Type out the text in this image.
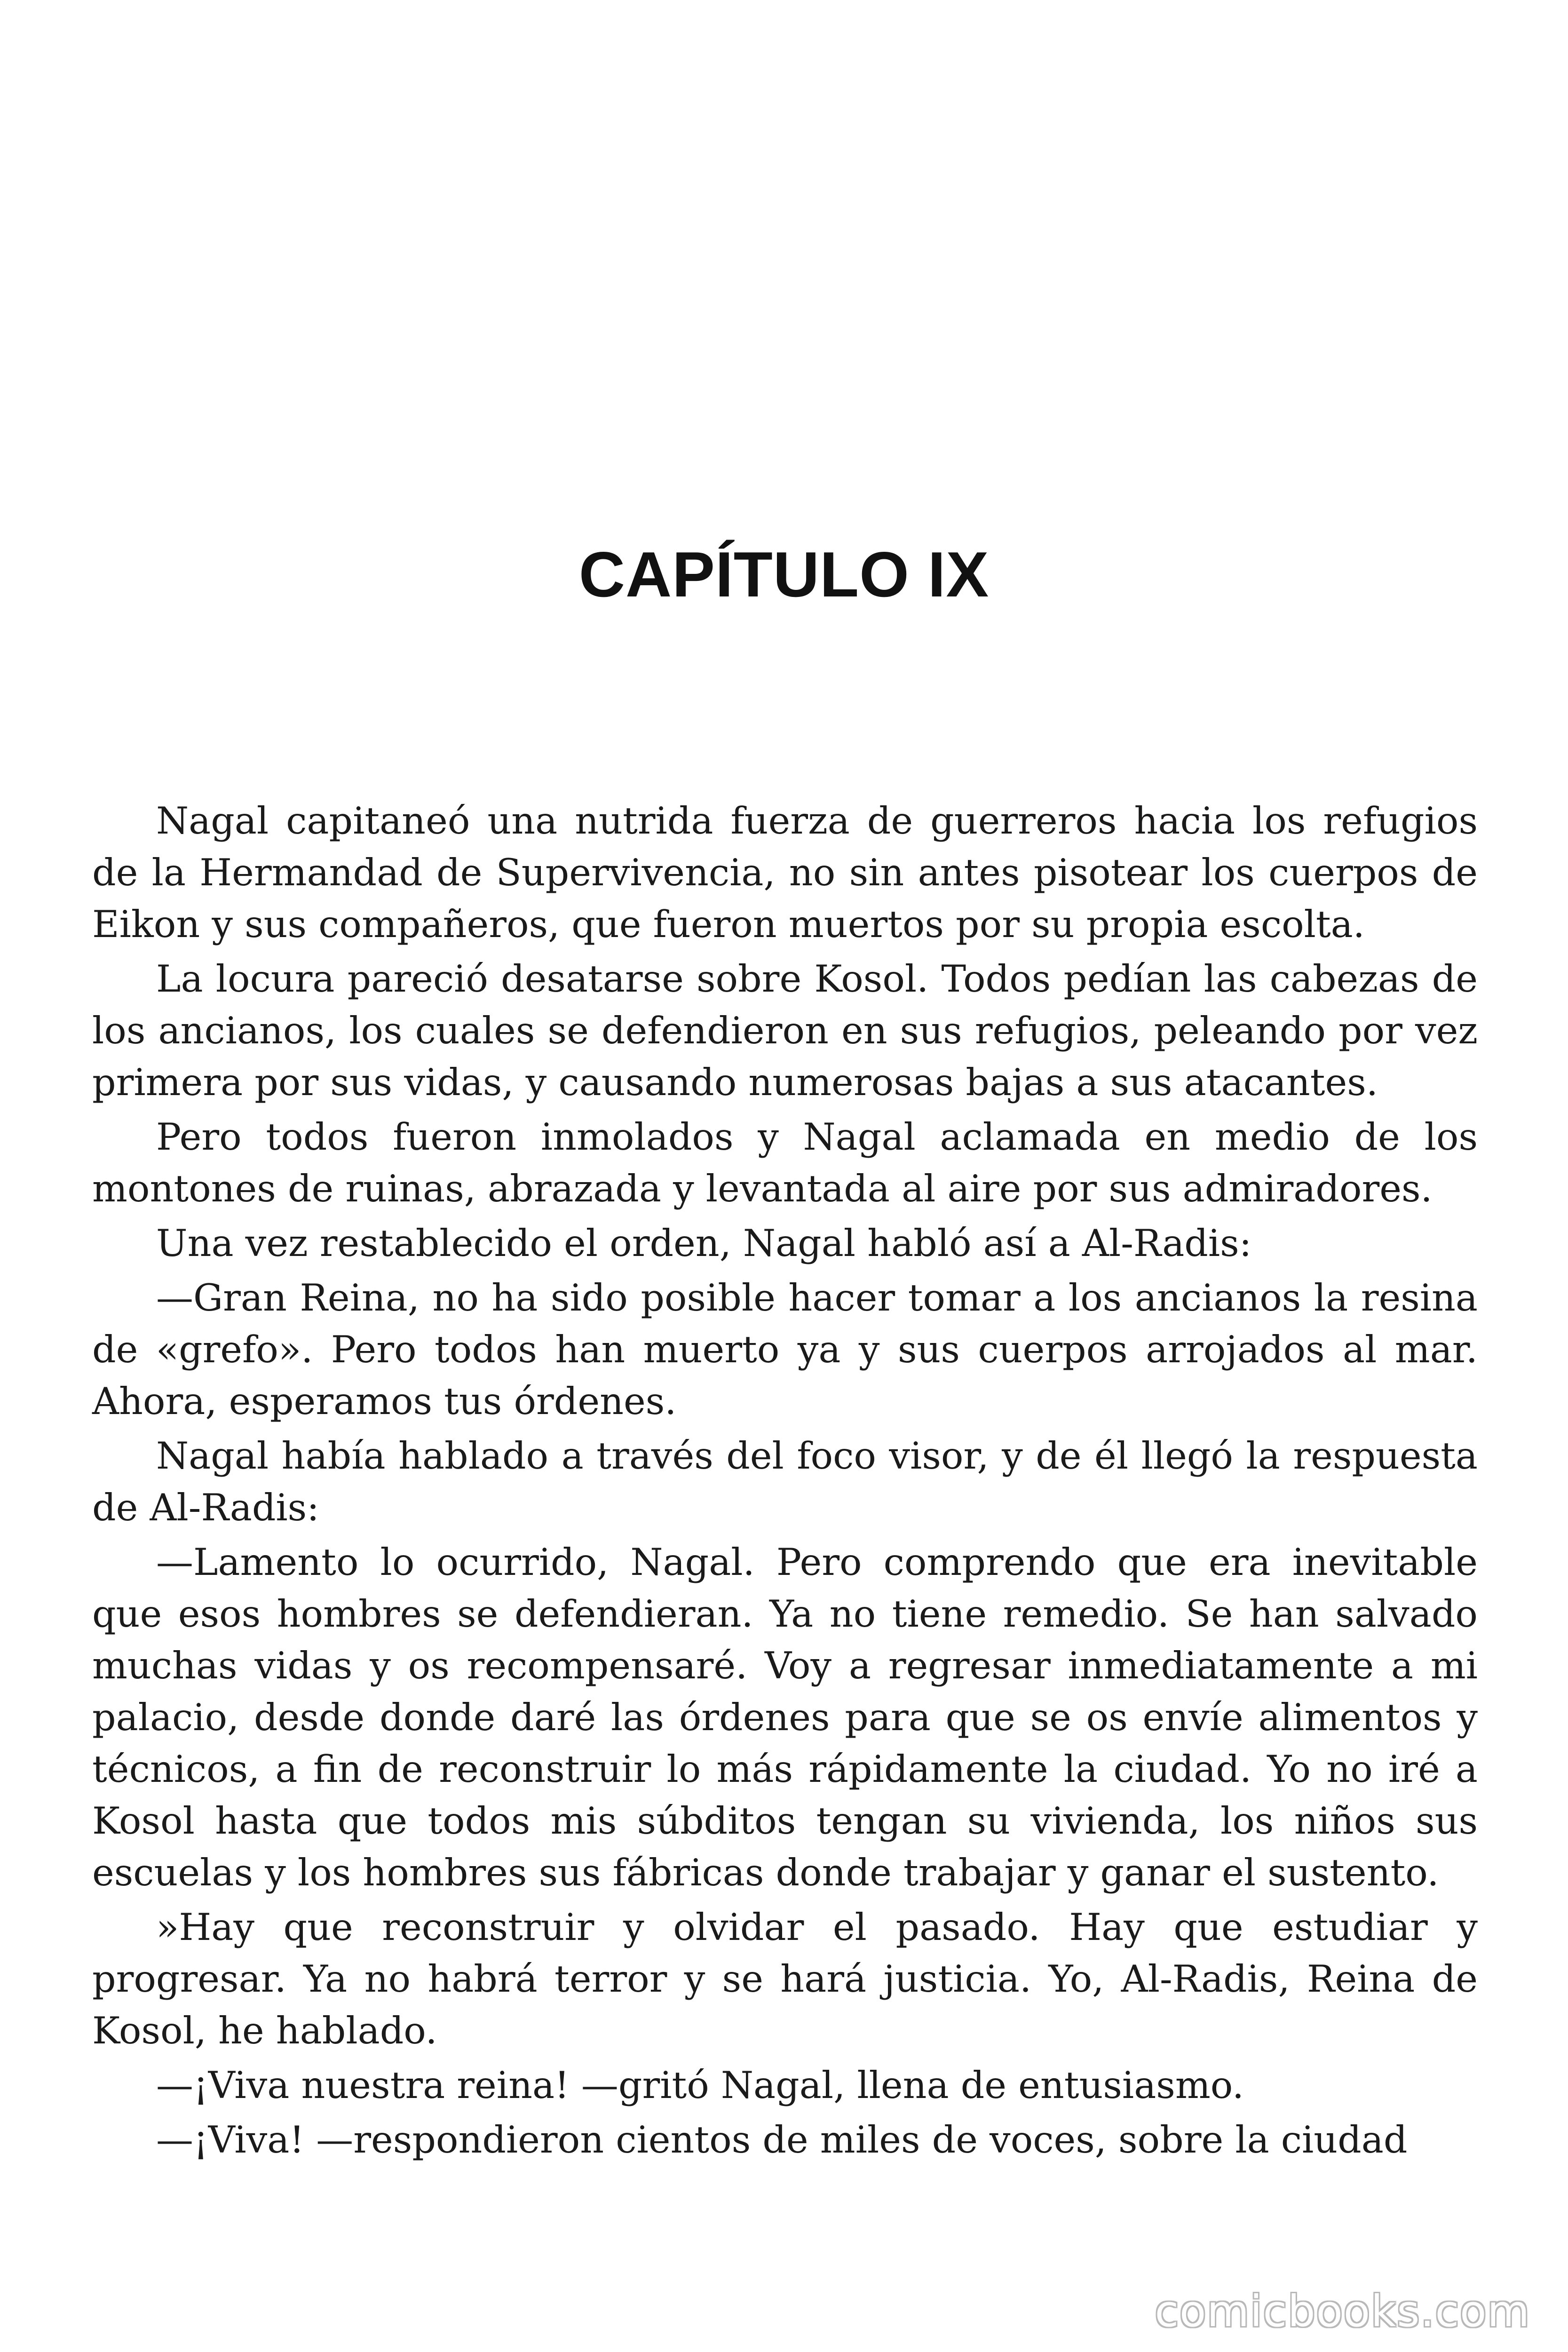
CAPÍTULO IX

Nagal capitaneó una nutrida fuerza de guerreros hacia los refugios de la Hermandad de Supervivencia, no sin antes pisotear los cuerpos de Eikon y sus compañeros, que fueron muertos por su propia escolta.

La locura pareció desatarse sobre Kosol. Todos pedían las cabezas de los ancianos, los cuales se defendieron en sus refugios, peleando por vez primera por sus vidas, y causando numerosas bajas a sus atacantes.

Pero todos fueron inmolados y Nagal aclamada en medio de los montones de ruinas, abrazada y levantada al aire por sus admiradores.

Una vez restablecido el orden, Nagal habló así a Al-Radis:

—Gran Reina, no ha sido posible hacer tomar a los ancianos la resina de «grefo». Pero todos han muerto ya y sus cuerpos arrojados al mar. Ahora, esperamos tus órdenes.

Nagal había hablado a través del foco visor, y de él llegó la respuesta de Al-Radis:

—Lamento lo ocurrido, Nagal. Pero comprendo que era inevitable que esos hombres se defendieran. Ya no tiene remedio. Se han salvado muchas vidas y os recompensaré. Voy a regresar inmediatamente a mi palacio, desde donde daré las órdenes para que se os envíe alimentos y técnicos, a fin de reconstruir lo más rápidamente la ciudad. Yo no iré a Kosol hasta que todos mis súbditos tengan su vivienda, los niños sus escuelas y los hombres sus fábricas donde trabajar y ganar el sustento.

»Hay que reconstruir y olvidar el pasado. Hay que estudiar y progresar. Ya no habrá terror y se hará justicia. Yo, Al-Radis, Reina de Kosol, he hablado.

—¡Viva nuestra reina! —gritó Nagal, llena de entusiasmo.

—¡Viva! —respondieron cientos de miles de voces, sobre la ciudad

comicbooks.com
